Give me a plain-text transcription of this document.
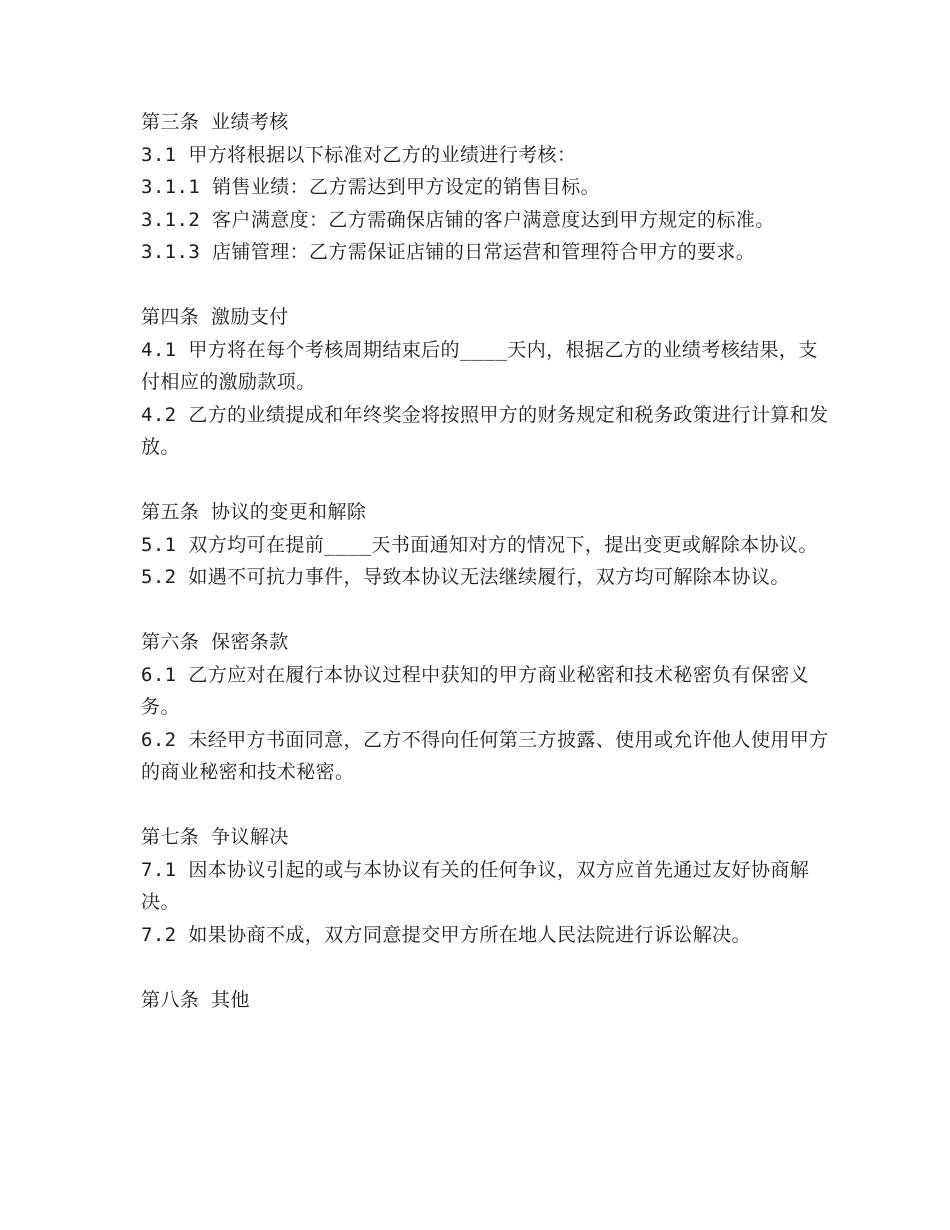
第三条 业绩考核
3.1 甲方将根据以下标准对乙方的业绩进行考核：
3.1.1 销售业绩：乙方需达到甲方设定的销售目标。
3.1.2 客户满意度：乙方需确保店铺的客户满意度达到甲方规定的标准。
3.1.3 店铺管理：乙方需保证店铺的日常运营和管理符合甲方的要求。
第四条 激励支付
4.1 甲方将在每个考核周期结束后的____天内，根据乙方的业绩考核结果，支付相应的激励款项。
4.2 乙方的业绩提成和年终奖金将按照甲方的财务规定和税务政策进行计算和发放。
第五条 协议的变更和解除
5.1 双方均可在提前____天书面通知对方的情况下，提出变更或解除本协议。
5.2 如遇不可抗力事件，导致本协议无法继续履行，双方均可解除本协议。
第六条 保密条款
6.1 乙方应对在履行本协议过程中获知的甲方商业秘密和技术秘密负有保密义务。
6.2 未经甲方书面同意，乙方不得向任何第三方披露、使用或允许他人使用甲方的商业秘密和技术秘密。
第七条 争议解决
7.1 因本协议引起的或与本协议有关的任何争议，双方应首先通过友好协商解决。
7.2 如果协商不成，双方同意提交甲方所在地人民法院进行诉讼解决。
第八条 其他
